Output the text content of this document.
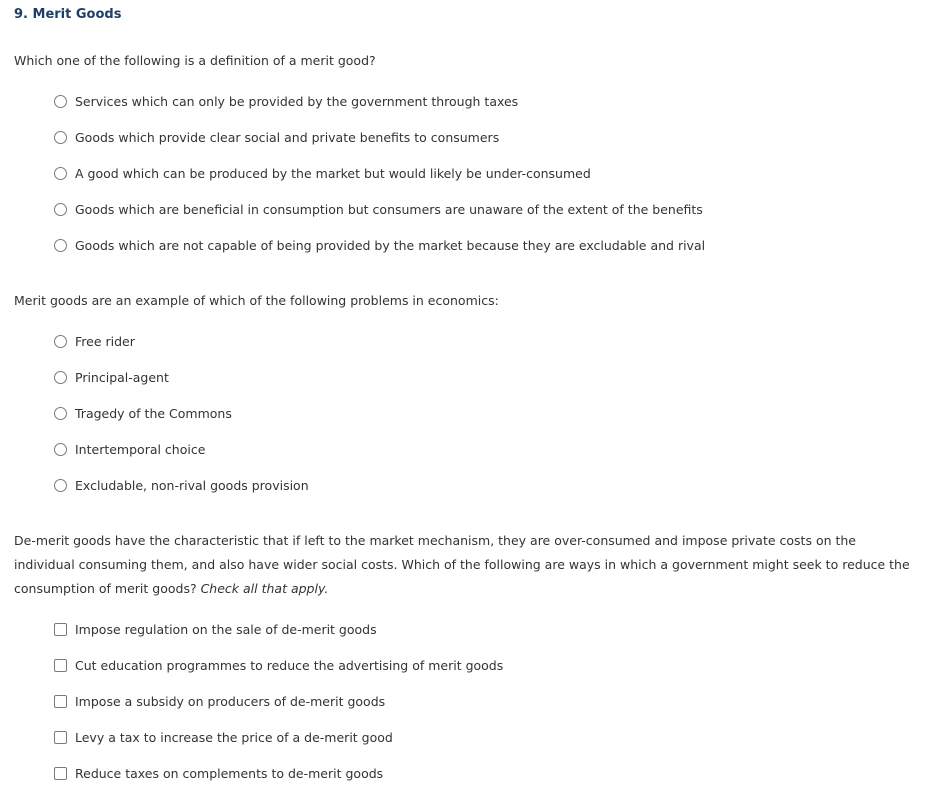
9. Merit Goods
Which one of the following is a definition of a merit good?
Services which can only be provided by the government through taxes
Goods which provide clear social and private benefits to consumers
A good which can be produced by the market but would likely be under-consumed
Goods which are beneficial in consumption but consumers are unaware of the extent of the benefits
Goods which are not capable of being provided by the market because they are excludable and rival
Merit goods are an example of which of the following problems in economics:
Free rider
Principal-agent
Tragedy of the Commons
Intertemporal choice
Excludable, non-rival goods provision
De-merit goods have the characteristic that if left to the market mechanism, they are over-consumed and impose private costs on the individual consuming them, and also have wider social costs. Which of the following are ways in which a government might seek to reduce the consumption of merit goods? Check all that apply.
Impose regulation on the sale of de-merit goods
Cut education programmes to reduce the advertising of merit goods
Impose a subsidy on producers of de-merit goods
Levy a tax to increase the price of a de-merit good
Reduce taxes on complements to de-merit goods
